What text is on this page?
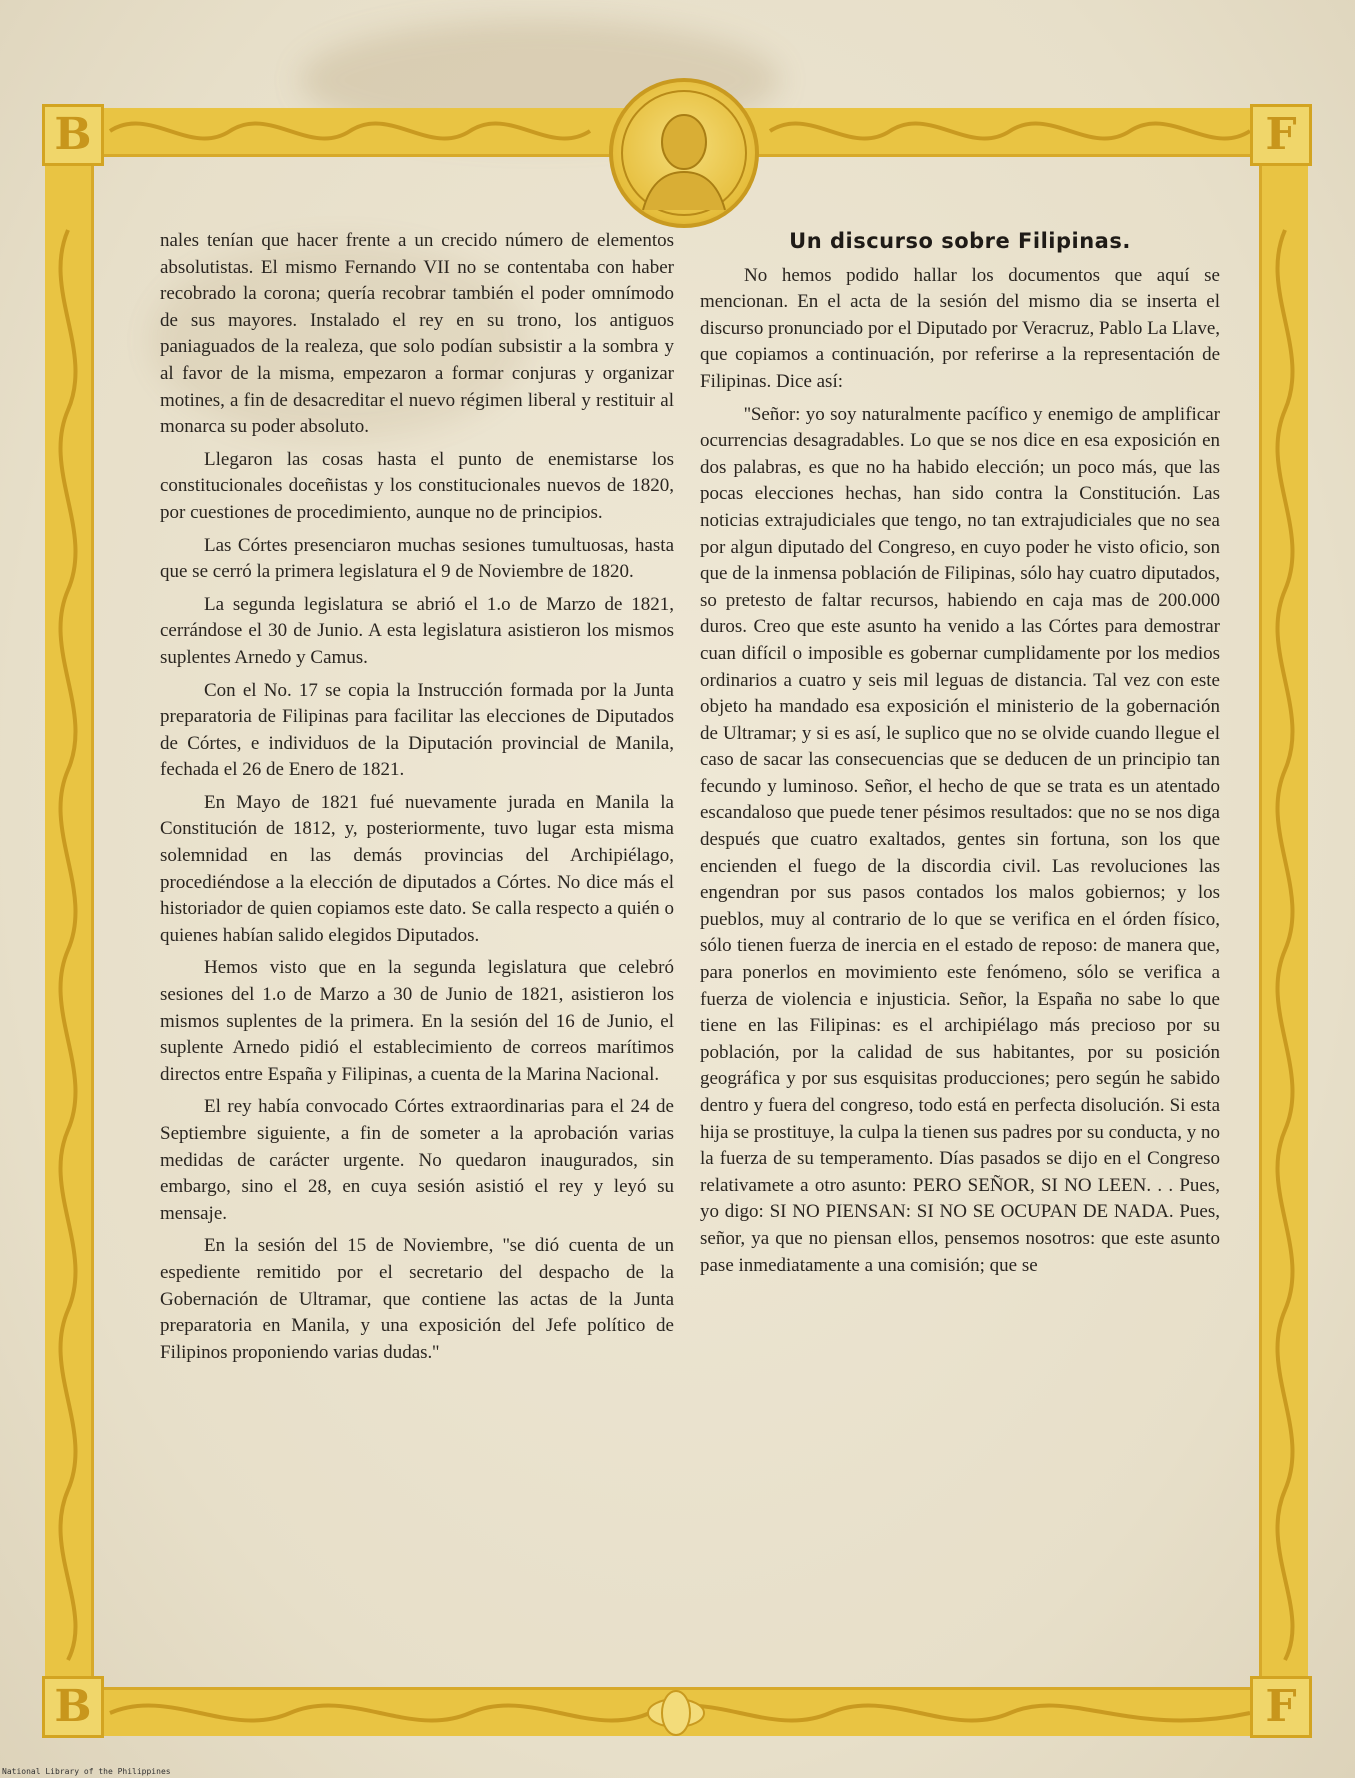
B	F
B	F

nales tenían que hacer frente a un crecido número de elementos absolutistas. El mismo Fernando VII no se contentaba con haber recobrado la corona; quería recobrar también el poder omnímodo de sus mayores. Instalado el rey en su trono, los antiguos paniaguados de la realeza, que solo podían subsistir a la sombra y al favor de la misma, empezaron a formar conjuras y organizar motines, a fin de desacreditar el nuevo régimen liberal y restituir al monarca su poder absoluto.

Llegaron las cosas hasta el punto de enemistarse los constitucionales doceñistas y los constitucionales nuevos de 1820, por cuestiones de procedimiento, aunque no de principios.

Las Córtes presenciaron muchas sesiones tumultuosas, hasta que se cerró la primera legislatura el 9 de Noviembre de 1820.

La segunda legislatura se abrió el 1.o de Marzo de 1821, cerrándose el 30 de Junio. A esta legislatura asistieron los mismos suplentes Arnedo y Camus.

Con el No. 17 se copia la Instrucción formada por la Junta preparatoria de Filipinas para facilitar las elecciones de Diputados de Córtes, e individuos de la Diputación provincial de Manila, fechada el 26 de Enero de 1821.

En Mayo de 1821 fué nuevamente jurada en Manila la Constitución de 1812, y, posteriormente, tuvo lugar esta misma solemnidad en las demás provincias del Archipiélago, procediéndose a la elección de diputados a Córtes. No dice más el historiador de quien copiamos este dato. Se calla respecto a quién o quienes habían salido elegidos Diputados.

Hemos visto que en la segunda legislatura que celebró sesiones del 1.o de Marzo a 30 de Junio de 1821, asistieron los mismos suplentes de la primera. En la sesión del 16 de Junio, el suplente Arnedo pidió el establecimiento de correos marítimos directos entre España y Filipinas, a cuenta de la Marina Nacional.

El rey había convocado Córtes extraordinarias para el 24 de Septiembre siguiente, a fin de someter a la aprobación varias medidas de carácter urgente. No quedaron inaugurados, sin embargo, sino el 28, en cuya sesión asistió el rey y leyó su mensaje.

En la sesión del 15 de Noviembre, ''se dió cuenta de un espediente remitido por el secretario del despacho de la Gobernación de Ultramar, que contiene las actas de la Junta preparatoria en Manila, y una exposición del Jefe político de Filipinos proponiendo varias dudas.''

Un discurso sobre Filipinas.

No hemos podido hallar los documentos que aquí se mencionan. En el acta de la sesión del mismo dia se inserta el discurso pronunciado por el Diputado por Veracruz, Pablo La Llave, que copiamos a continuación, por referirse a la representación de Filipinas. Dice así:

''Señor: yo soy naturalmente pacífico y enemigo de amplificar ocurrencias desagradables. Lo que se nos dice en esa exposición en dos palabras, es que no ha habido elección; un poco más, que las pocas elecciones hechas, han sido contra la Constitución. Las noticias extrajudiciales que tengo, no tan extrajudiciales que no sea por algun diputado del Congreso, en cuyo poder he visto oficio, son que de la inmensa población de Filipinas, sólo hay cuatro diputados, so pretesto de faltar recursos, habiendo en caja mas de 200.000 duros. Creo que este asunto ha venido a las Córtes para demostrar cuan difícil o imposible es gobernar cumplidamente por los medios ordinarios a cuatro y seis mil leguas de distancia. Tal vez con este objeto ha mandado esa exposición el ministerio de la gobernación de Ultramar; y si es así, le suplico que no se olvide cuando llegue el caso de sacar las consecuencias que se deducen de un principio tan fecundo y luminoso. Señor, el hecho de que se trata es un atentado escandaloso que puede tener pésimos resultados: que no se nos diga después que cuatro exaltados, gentes sin fortuna, son los que encienden el fuego de la discordia civil. Las revoluciones las engendran por sus pasos contados los malos gobiernos; y los pueblos, muy al contrario de lo que se verifica en el órden físico, sólo tienen fuerza de inercia en el estado de reposo: de manera que, para ponerlos en movimiento este fenómeno, sólo se verifica a fuerza de violencia e injusticia. Señor, la España no sabe lo que tiene en las Filipinas: es el archipiélago más precioso por su población, por la calidad de sus habitantes, por su posición geográfica y por sus esquisitas producciones; pero según he sabido dentro y fuera del congreso, todo está en perfecta disolución. Si esta hija se prostituye, la culpa la tienen sus padres por su conducta, y no la fuerza de su temperamento. Días pasados se dijo en el Congreso relativamete a otro asunto: PERO SEÑOR, SI NO LEEN. . . Pues, yo digo: SI NO PIENSAN: SI NO SE OCUPAN DE NADA. Pues, señor, ya que no piensan ellos, pensemos nosotros: que este asunto pase inmediatamente a una comisión; que se

National Library of the Philippines
